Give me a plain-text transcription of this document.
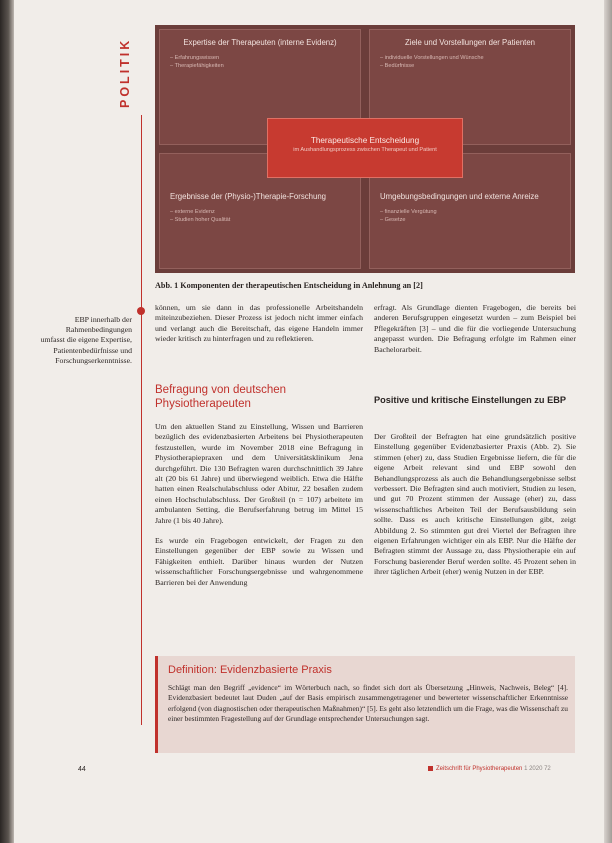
POLITIK
EBP innerhalb der Rahmenbedingungen umfasst die eigene Expertise, Patientenbedürfnisse und Forschungserkenntnisse.
Expertise der Therapeuten (interne Evidenz)
– Erfahrungswissen
– Therapiefähigkeiten
Ziele und Vorstellungen der Patienten
– individuelle Vorstellungen und Wünsche
– Bedürfnisse
Ergebnisse der (Physio-)Therapie-Forschung
– externe Evidenz
– Studien hoher Qualität
Umgebungsbedingungen und externe Anreize
– finanzielle Vergütung
– Gesetze
Therapeutische Entscheidung
im Aushandlungsprozess zwischen Therapeut und Patient
Abb. 1 Komponenten der therapeutischen Entscheidung in Anlehnung an [2]

können, um sie dann in das professionelle Arbeitshandeln miteinzubeziehen. Dieser Prozess ist jedoch nicht immer einfach und verlangt auch die Bereitschaft, das eigene Handeln immer wieder kritisch zu hinterfragen und zu reflektieren.

Befragung von deutschen Physiotherapeuten

Um den aktuellen Stand zu Einstellung, Wissen und Barrieren bezüglich des evidenzbasierten Arbeitens bei Physiotherapeuten festzustellen, wurde im November 2018 eine Befragung in Physiotherapiepraxen und dem Universitätsklinikum Jena durchgeführt. Die 130 Befragten waren durchschnittlich 39 Jahre alt (20 bis 61 Jahre) und überwiegend weiblich. Etwa die Hälfte hatten einen Realschulabschluss oder Abitur, 22 besaßen zudem einen Hochschulabschluss. Der Großteil (n = 107) arbeitete im ambulanten Setting, die Berufserfahrung betrug im Mittel 15 Jahre (1 bis 40 Jahre).

Es wurde ein Fragebogen entwickelt, der Fragen zu den Einstellungen gegenüber der EBP sowie zu Wissen und Fähigkeiten enthielt. Darüber hinaus wurden der Nutzen wissenschaftlicher Forschungsergebnisse und wahrgenommene Barrieren bei der Anwendung

erfragt. Als Grundlage dienten Fragebogen, die bereits bei anderen Berufsgruppen eingesetzt wurden – zum Beispiel bei Pflegekräften [3] – und die für die vorliegende Untersuchung angepasst wurden. Die Befragung erfolgte im Rahmen einer Bachelorarbeit.

Positive und kritische Einstellungen zu EBP

Der Großteil der Befragten hat eine grundsätzlich positive Einstellung gegenüber Evidenzbasierter Praxis (Abb. 2). Sie stimmen (eher) zu, dass Studien Ergebnisse liefern, die für die eigene Arbeit relevant sind und EBP sowohl den Behandlungsprozess als auch die Behandlungsergebnisse selbst verbessert. Die Befragten sind auch motiviert, Studien zu lesen, und gut 70 Prozent stimmen der Aussage (eher) zu, dass wissenschaftliches Arbeiten Teil der Berufsausbildung sein sollte. Dass es auch kritische Einstellungen gibt, zeigt Abbildung 2. So stimmten gut drei Viertel der Befragten ihre eigenen Erfahrungen wichtiger ein als EBP. Nur die Hälfte der Befragten stimmt der Aussage zu, dass Physiotherapie ein auf Forschung basierender Beruf werden sollte. 45 Prozent sehen in ihrer täglichen Arbeit (eher) wenig Nutzen in der EBP.

Definition: Evidenzbasierte Praxis
Schlägt man den Begriff „evidence“ im Wörterbuch nach, so findet sich dort als Übersetzung „Hinweis, Nachweis, Beleg“ [4]. Evidenzbasiert bedeutet laut Duden „auf der Basis empirisch zusammengetragener und bewerteter wissenschaftlicher Erkenntnisse erfolgend (von diagnostischen oder therapeutischen Maßnahmen)“ [5]. Es geht also letztendlich um die Frage, was die Wissenschaft zu einer bestimmten Fragestellung auf der Grundlage entsprechender Untersuchungen sagt.
44	Zeitschrift für Physiotherapeuten 1 2020 72
